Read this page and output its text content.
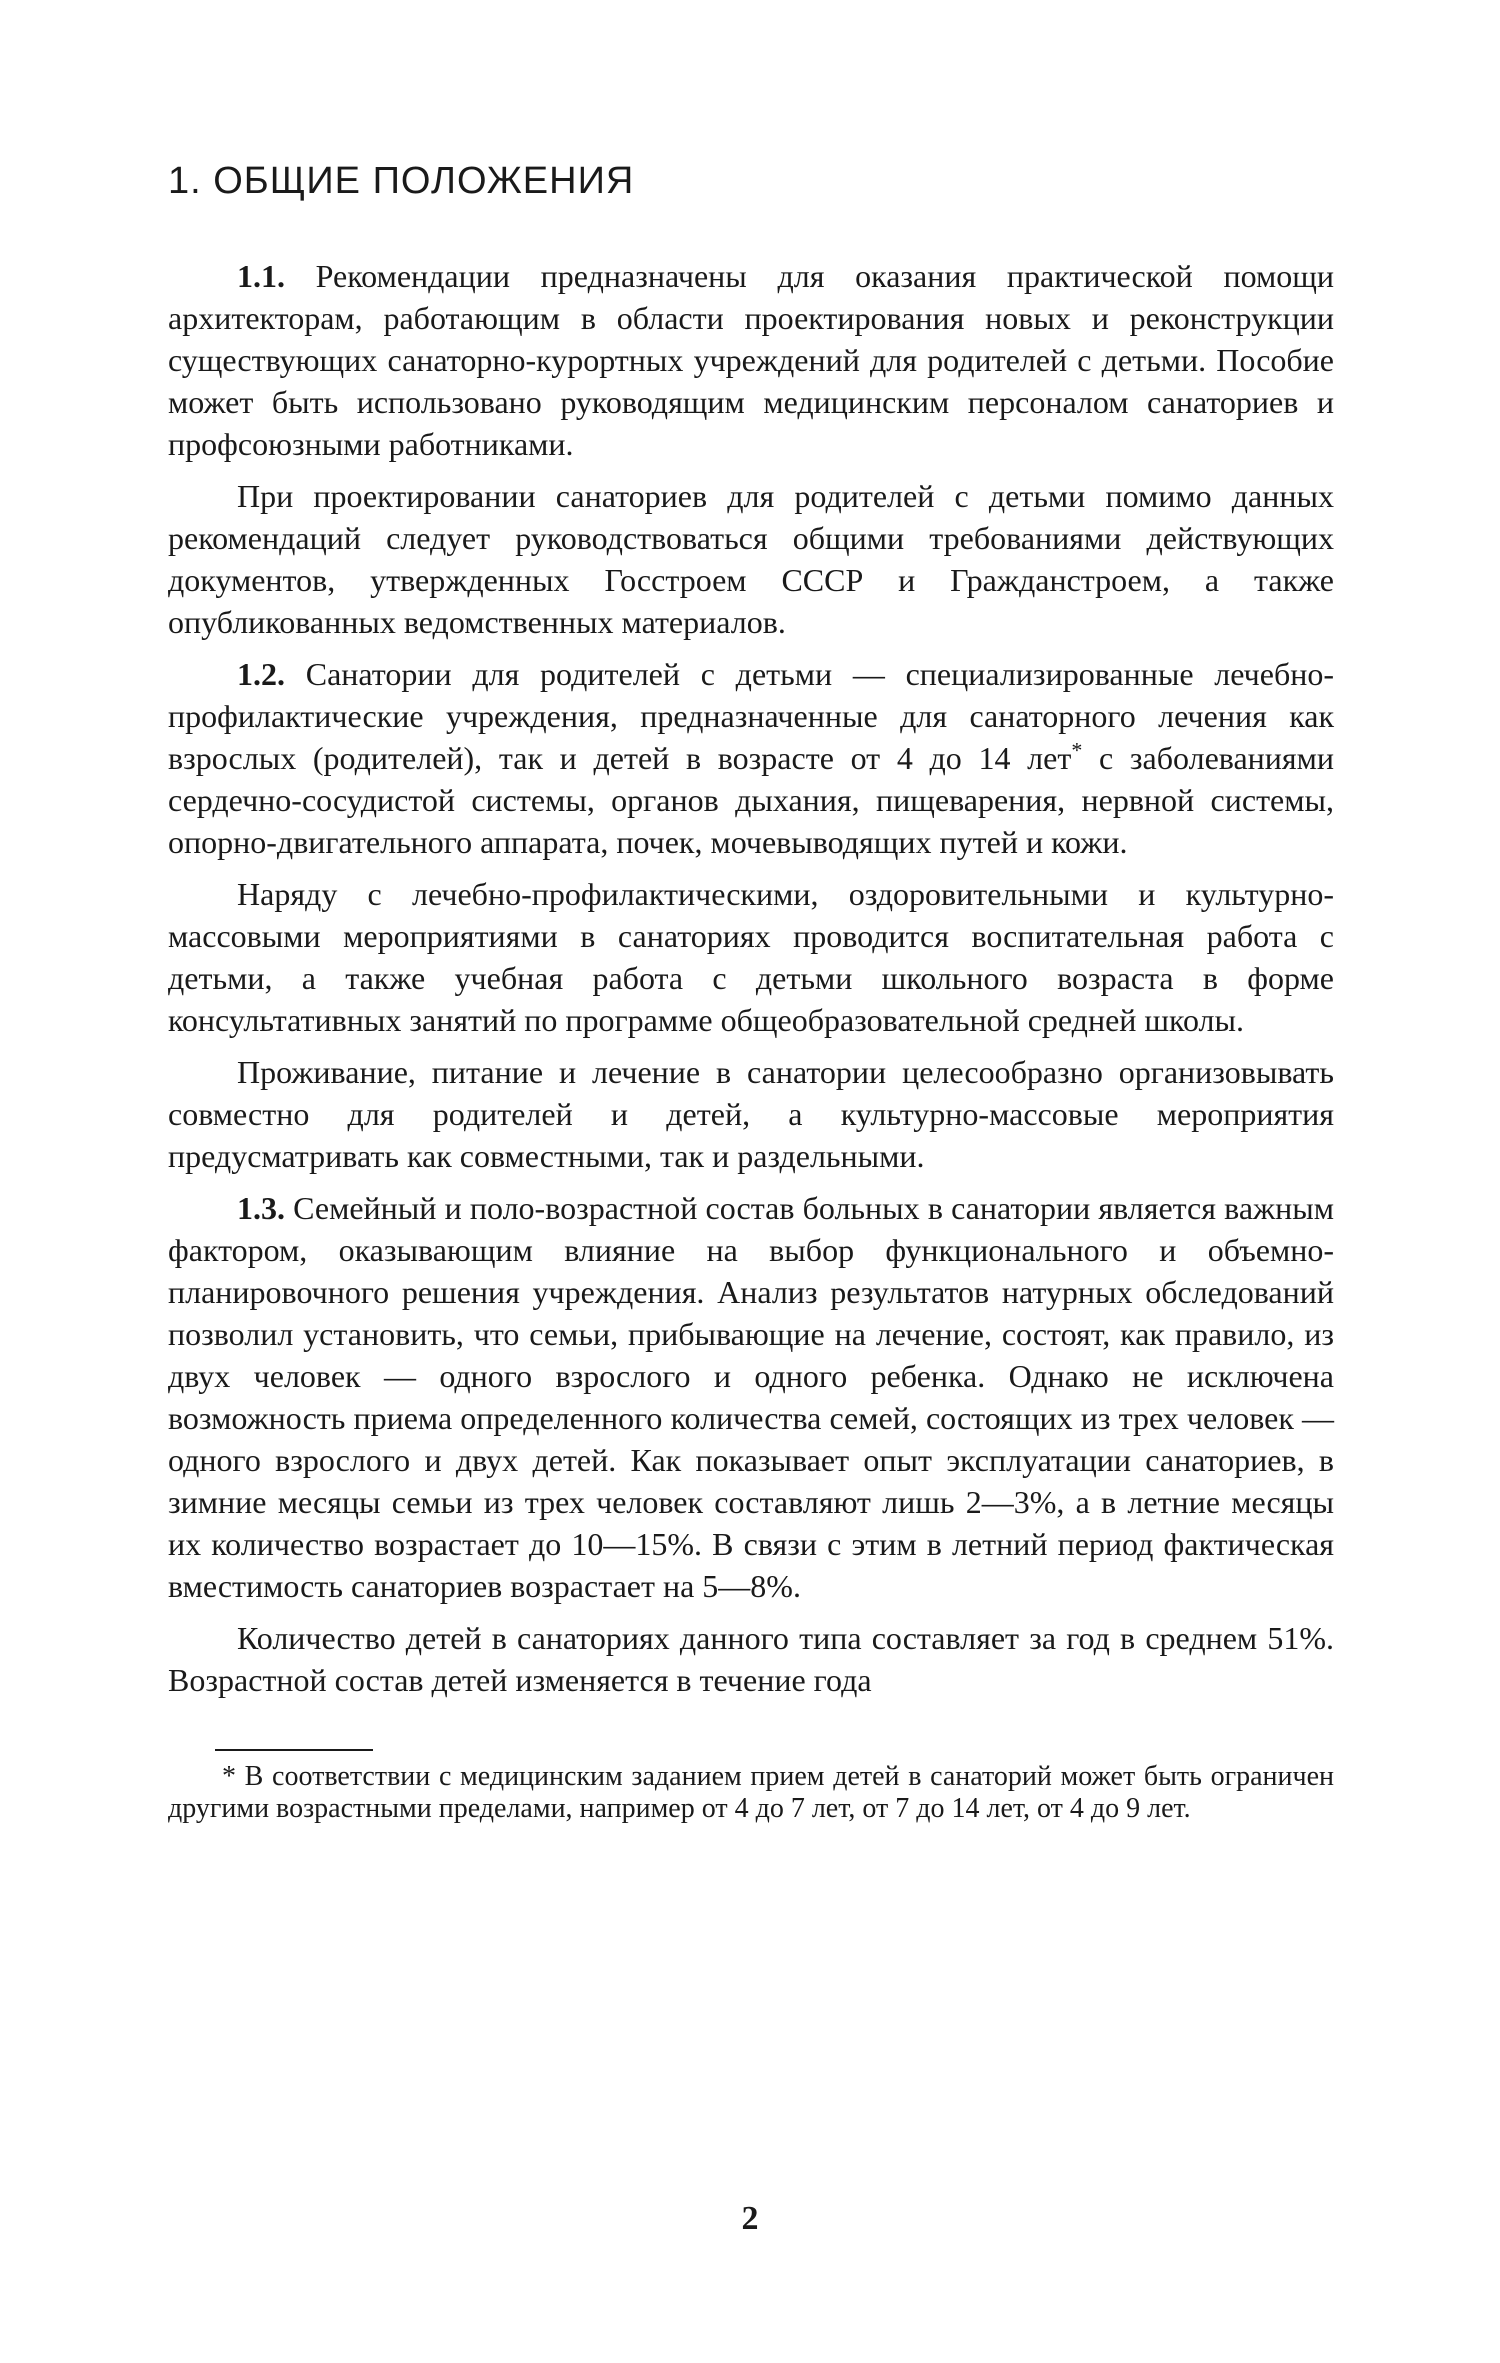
1. ОБЩИЕ ПОЛОЖЕНИЯ

1.1. Рекомендации предназначены для оказания практической помощи архитекторам, работающим в области проектирования новых и реконструкции существующих санаторно-курортных учреждений для родителей с детьми. Пособие может быть использовано руководящим медицинским персоналом санаториев и профсоюзными работниками.

При проектировании санаториев для родителей с детьми помимо данных рекомендаций следует руководствоваться общими требованиями действующих документов, утвержденных Госстроем СССР и Гражданстроем, а также опубликованных ведомственных материалов.

1.2. Санатории для родителей с детьми — специализированные лечебно-профилактические учреждения, предназначенные для санаторного лечения как взрослых (родителей), так и детей в возрасте от 4 до 14 лет* с заболеваниями сердечно-сосудистой системы, органов дыхания, пищеварения, нервной системы, опорно-двигательного аппарата, почек, мочевыводящих путей и кожи.

Наряду с лечебно-профилактическими, оздоровительными и культурно-массовыми мероприятиями в санаториях проводится воспитательная работа с детьми, а также учебная работа с детьми школьного возраста в форме консультативных занятий по программе общеобразовательной средней школы.

Проживание, питание и лечение в санатории целесообразно организовывать совместно для родителей и детей, а культурно-массовые мероприятия предусматривать как совместными, так и раздельными.

1.3. Семейный и поло-возрастной состав больных в санатории является важным фактором, оказывающим влияние на выбор функционального и объемно-планировочного решения учреждения. Анализ результатов натурных обследований позволил установить, что семьи, прибывающие на лечение, состоят, как правило, из двух человек — одного взрослого и одного ребенка. Однако не исключена возможность приема определенного количества семей, состоящих из трех человек — одного взрослого и двух детей. Как показывает опыт эксплуатации санаториев, в зимние месяцы семьи из трех человек составляют лишь 2—3%, а в летние месяцы их количество возрастает до 10—15%. В связи с этим в летний период фактическая вместимость санаториев возрастает на 5—8%.

Количество детей в санаториях данного типа составляет за год в среднем 51%. Возрастной состав детей изменяется в течение года

* В соответствии с медицинским заданием прием детей в санаторий может быть ограничен другими возрастными пределами, например от 4 до 7 лет, от 7 до 14 лет, от 4 до 9 лет.

2
